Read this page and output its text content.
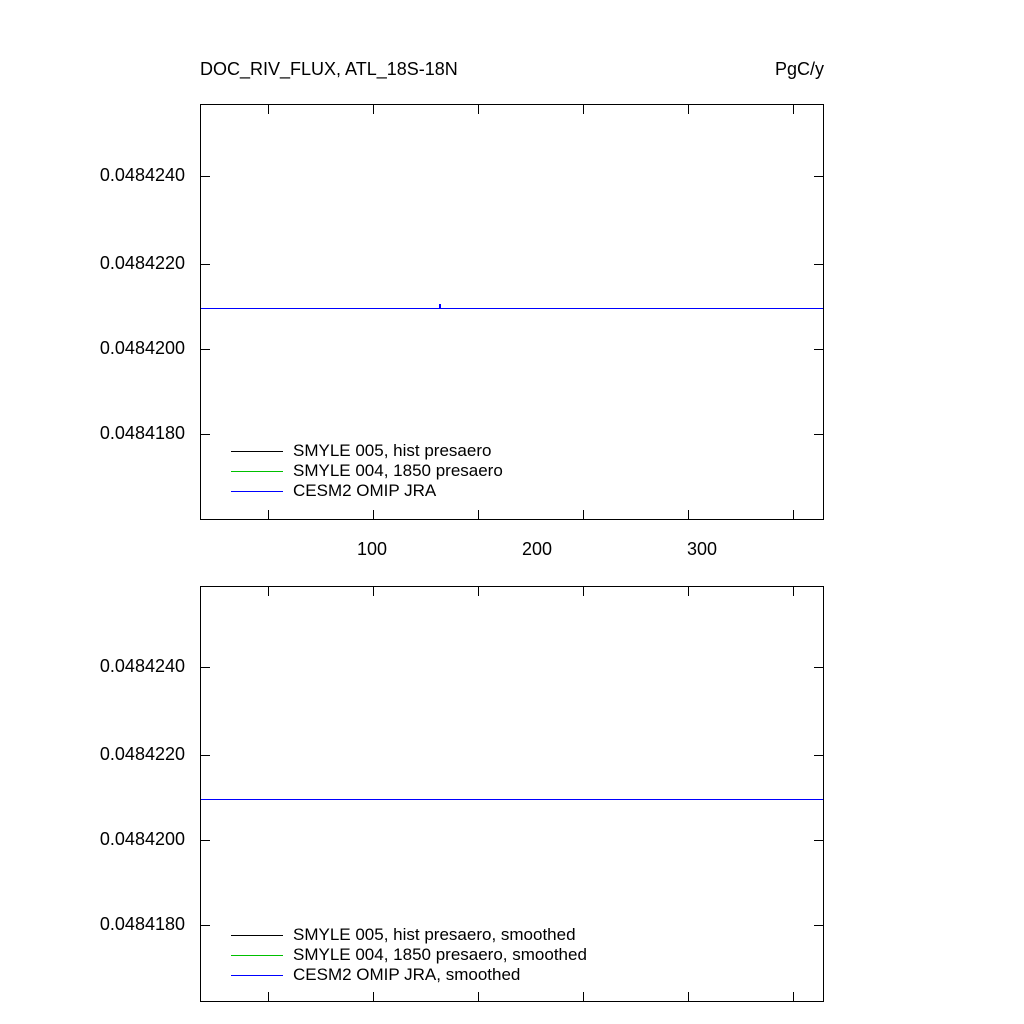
DOC_RIV_FLUX, ATL_18S-18N	PgC/y
SMYLE 005, hist presaero
SMYLE 004, 1850 presaero
CESM2 OMIP JRA
0.0484240
0.0484220
0.0484200
0.0484180
100	200	300
SMYLE 005, hist presaero, smoothed
SMYLE 004, 1850 presaero, smoothed
CESM2 OMIP JRA, smoothed
0.0484240
0.0484220
0.0484200
0.0484180
